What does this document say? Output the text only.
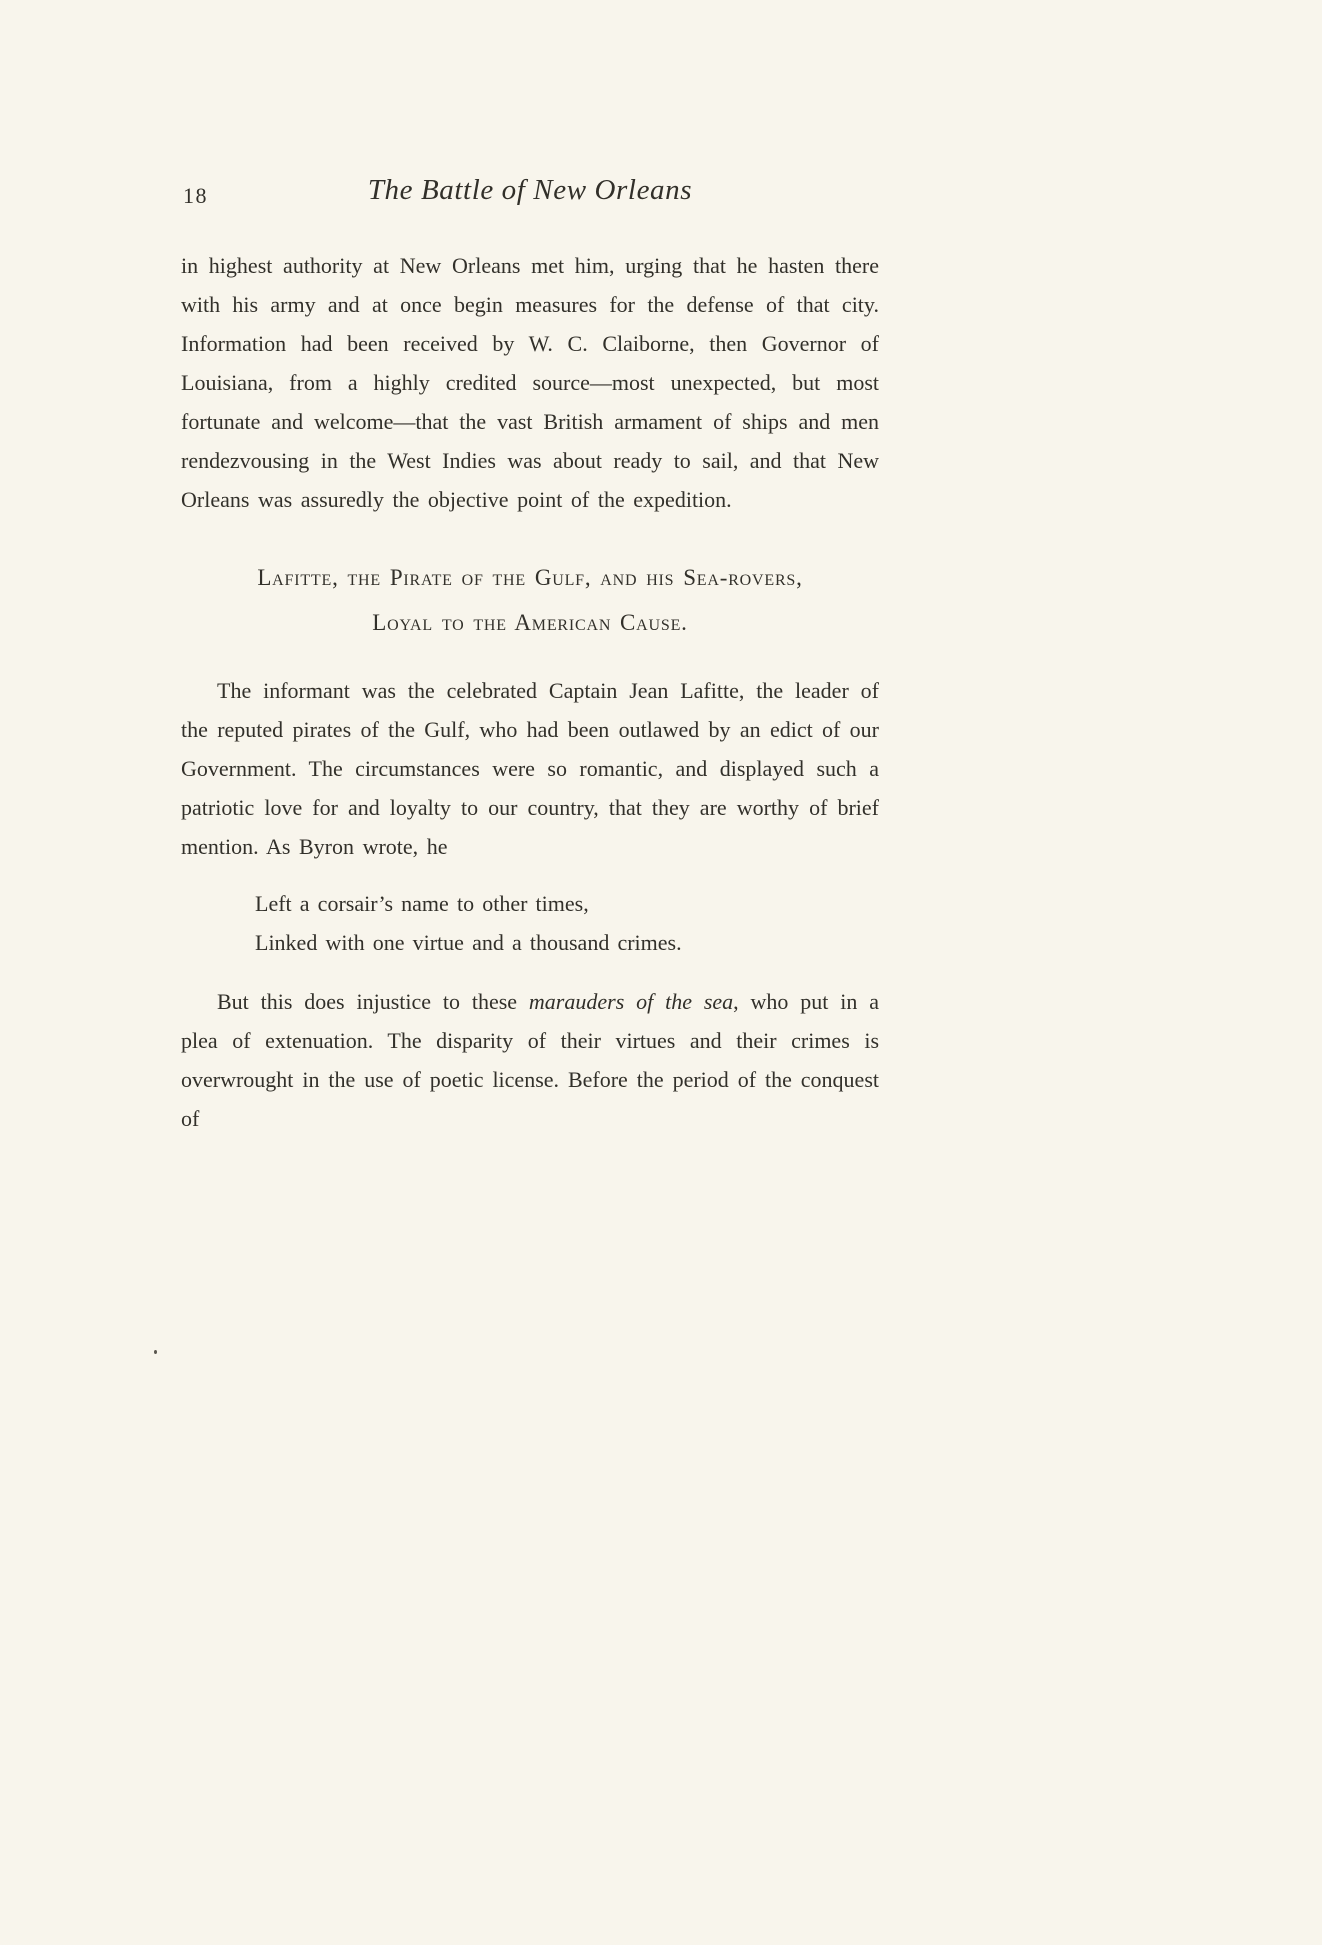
18	The Battle of New Orleans

in highest authority at New Orleans met him, urging that he hasten there with his army and at once begin measures for the defense of that city. Information had been received by W. C. Claiborne, then Governor of Louisiana, from a highly credited source—most unexpected, but most fortunate and welcome—that the vast British armament of ships and men rendezvousing in the West Indies was about ready to sail, and that New Orleans was assuredly the objective point of the expedition.

Lafitte, the Pirate of the Gulf, and his Sea-rovers,
Loyal to the American Cause.

The informant was the celebrated Captain Jean Lafitte, the leader of the reputed pirates of the Gulf, who had been outlawed by an edict of our Government. The circumstances were so romantic, and displayed such a patriotic love for and loyalty to our country, that they are worthy of brief mention. As Byron wrote, he

Left a corsair’s name to other times,
Linked with one virtue and a thousand crimes.

But this does injustice to these marauders of the sea, who put in a plea of extenuation. The disparity of their virtues and their crimes is overwrought in the use of poetic license. Before the period of the conquest of
